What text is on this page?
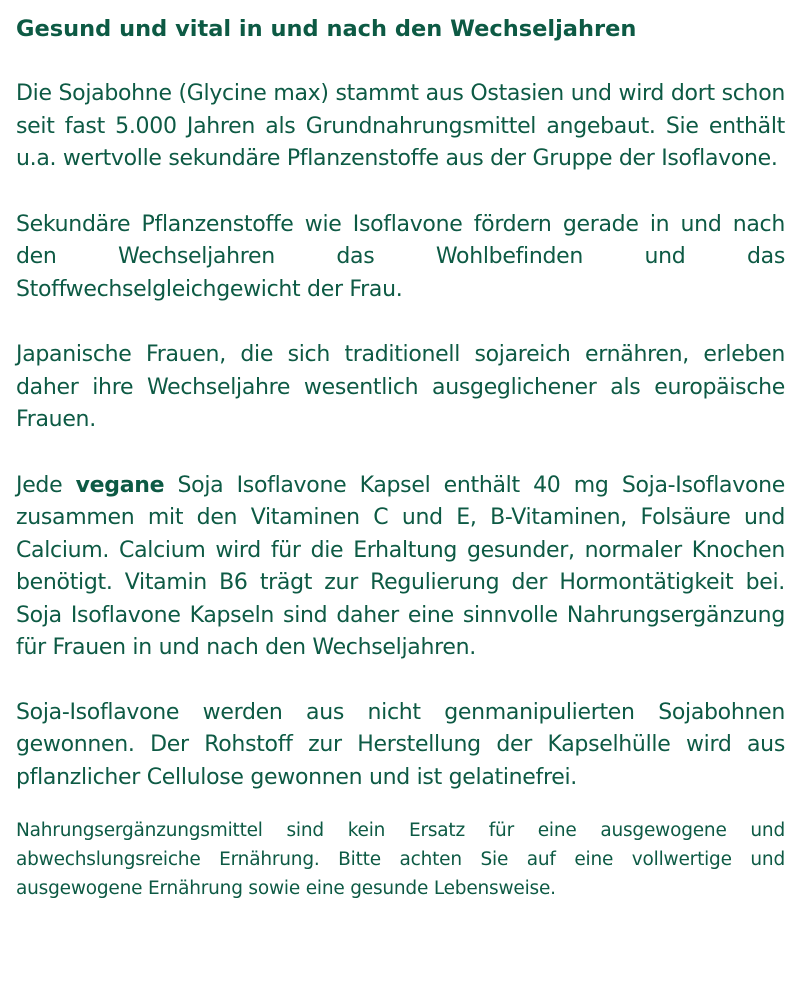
Gesund und vital in und nach den Wechseljahren

Die Sojabohne (Glycine max) stammt aus Ostasien und wird dort schon seit fast 5.000 Jahren als Grundnahrungsmittel angebaut. Sie enthält u.a. wertvolle sekundäre Pflanzenstoffe aus der Gruppe der Isoflavone.

Sekundäre Pflanzenstoffe wie Isoflavone fördern gerade in und nach den Wechseljahren das Wohlbefinden und das Stoffwechselgleichgewicht der Frau.

Japanische Frauen, die sich traditionell sojareich ernähren, erleben daher ihre Wechseljahre wesentlich ausgeglichener als europäische Frauen.

Jede vegane Soja Isoflavone Kapsel enthält 40 mg Soja-Isoflavone zusammen mit den Vitaminen C und E, B-Vitaminen, Folsäure und Calcium. Calcium wird für die Erhaltung gesunder, normaler Knochen benötigt. Vitamin B6 trägt zur Regulierung der Hormontätigkeit bei. Soja Isoflavone Kapseln sind daher eine sinnvolle Nahrungsergänzung für Frauen in und nach den Wechseljahren.

Soja-Isoflavone werden aus nicht genmanipulierten Sojabohnen gewonnen. Der Rohstoff zur Herstellung der Kapselhülle wird aus pflanzlicher Cellulose gewonnen und ist gelatinefrei.

Nahrungsergänzungsmittel sind kein Ersatz für eine ausgewogene und abwechslungsreiche Ernährung. Bitte achten Sie auf eine vollwertige und ausgewogene Ernährung sowie eine gesunde Lebensweise.
